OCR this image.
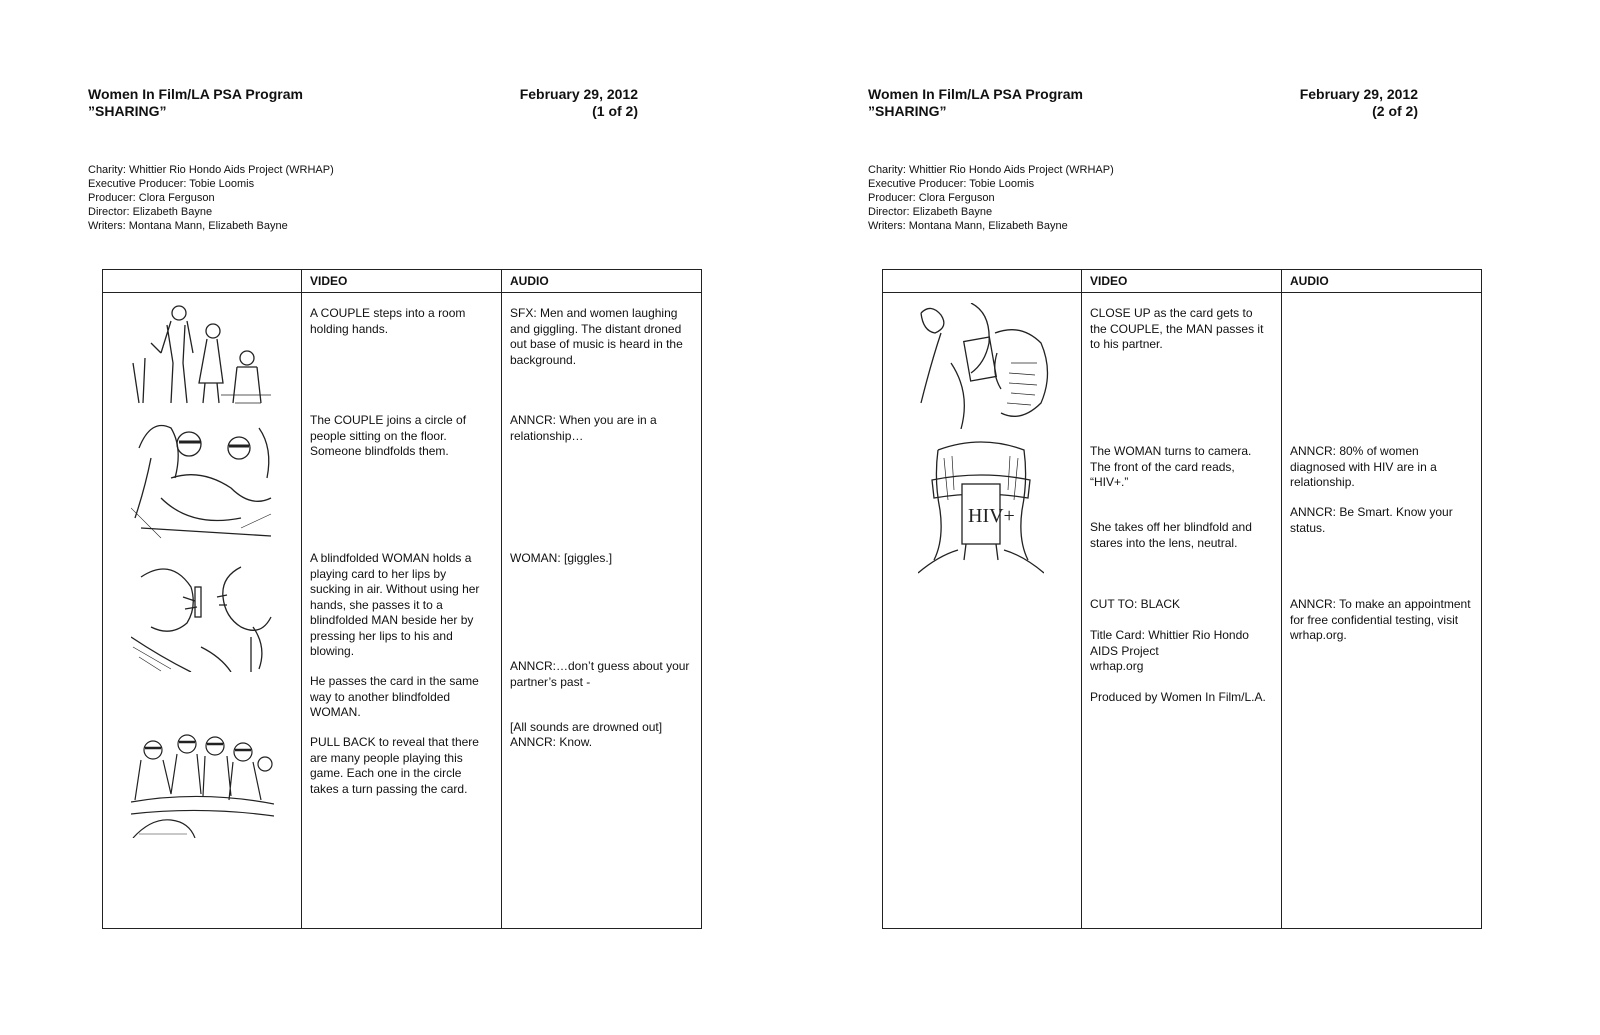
Women In Film/LA PSA Program
”SHARING”
February 29, 2012
(1 of 2)
Charity: Whittier Rio Hondo Aids Project (WRHAP)
Executive Producer: Tobie Loomis
Producer: Clora Ferguson
Director: Elizabeth Bayne
Writers: Montana Mann, Elizabeth Bayne
VIDEO	AUDIO
A COUPLE steps into a room holding hands.
The COUPLE joins a circle of people sitting on the floor. Someone blindfolds them.
A blindfolded WOMAN holds a playing card to her lips by sucking in air. Without using her hands, she passes it to a blindfolded MAN beside her by pressing her lips to his and blowing.
He passes the card in the same way to another blindfolded WOMAN.
PULL BACK to reveal that there are many people playing this game. Each one in the circle takes a turn passing the card.
SFX: Men and women laughing and giggling. The distant droned out base of music is heard in the background.
ANNCR: When you are in a relationship…
WOMAN: [giggles.]
ANNCR:…don’t guess about your partner’s past -
[All sounds are drowned out]
ANNCR: Know.
Women In Film/LA PSA Program
”SHARING”
February 29, 2012
(2 of 2)
Charity: Whittier Rio Hondo Aids Project (WRHAP)
Executive Producer: Tobie Loomis
Producer: Clora Ferguson
Director: Elizabeth Bayne
Writers: Montana Mann, Elizabeth Bayne
VIDEO	AUDIO
HIV+
CLOSE UP as the card gets to the COUPLE, the MAN passes it to his partner.
The WOMAN turns to camera. The front of the card reads, “HIV+.”
She takes off her blindfold and stares into the lens, neutral.
CUT TO: BLACK
Title Card: Whittier Rio Hondo AIDS Project
wrhap.org
Produced by Women In Film/L.A.
ANNCR: 80% of women diagnosed with HIV are in a relationship.
ANNCR: Be Smart. Know your status.
ANNCR: To make an appointment for free confidential testing, visit wrhap.org.
